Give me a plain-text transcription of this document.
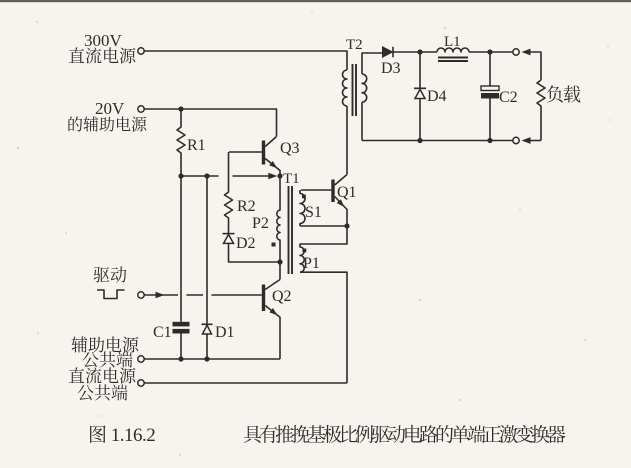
300V
直流电源
T2
D3
D4
L1
C2 负载
20V
的辅助电源
R1	Q3
R2
D2
T1
P2
S1
P1
Q1
Q2
驱动
C1	D1
辅助电源
公共端
直流电源
公共端
图 1.16.2	具有推挽基极比例驱动电路的单端正激变换器
